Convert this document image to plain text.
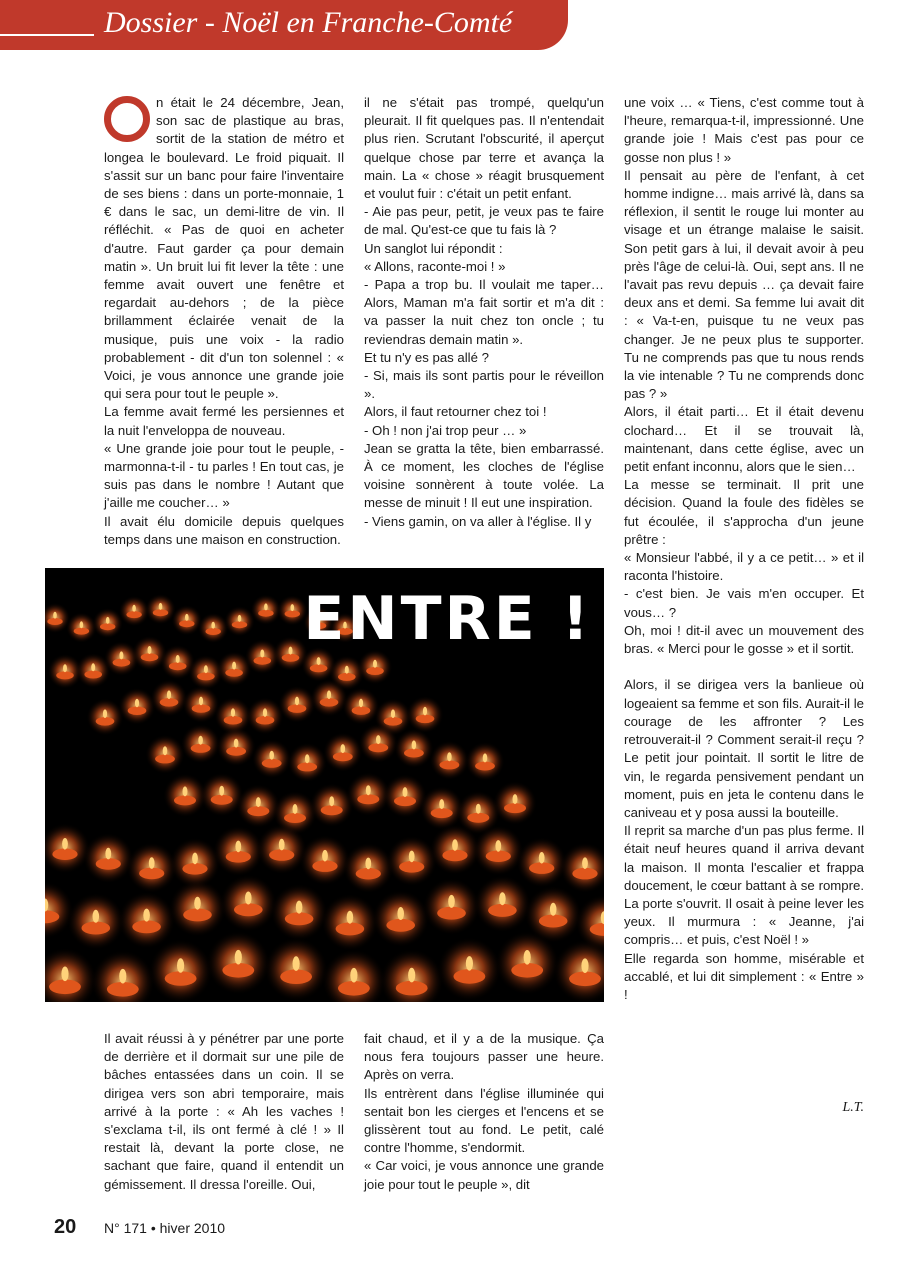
Dossier - Noël en Franche-Comté

n était le 24 décembre, Jean, son sac de plastique au bras, sortit de la station de métro et longea le boulevard. Le froid piquait. Il s'assit sur un banc pour faire l'inventaire de ses biens : dans un porte-monnaie, 1 € dans le sac, un demi-litre de vin. Il réfléchit. « Pas de quoi en acheter d'autre. Faut garder ça pour demain matin ». Un bruit lui fit lever la tête : une femme avait ouvert une fenêtre et regardait au-dehors ; de la pièce brillamment éclairée venait de la musique, puis une voix - la radio probablement - dit d'un ton solennel : « Voici, je vous annonce une grande joie qui sera pour tout le peuple ».

La femme avait fermé les persiennes et la nuit l'enveloppa de nouveau.

« Une grande joie pour tout le peuple, - marmonna-t-il - tu parles ! En tout cas, je suis pas dans le nombre ! Autant que j'aille me coucher… »

Il avait élu domicile depuis quelques temps dans une maison en construction.

il ne s'était pas trompé, quelqu'un pleurait. Il fit quelques pas. Il n'entendait plus rien. Scrutant l'obscurité, il aperçut quelque chose par terre et avança la main. La « chose » réagit brusquement et voulut fuir : c'était un petit enfant.

- Aie pas peur, petit, je veux pas te faire de mal. Qu'est-ce que tu fais là ?

Un sanglot lui répondit :

« Allons, raconte-moi ! »

- Papa a trop bu. Il voulait me taper… Alors, Maman m'a fait sortir et m'a dit : va passer la nuit chez ton oncle ; tu reviendras demain matin ».

Et tu n'y es pas allé ?

- Si, mais ils sont partis pour le réveillon ».

Alors, il faut retourner chez toi !

- Oh ! non j'ai trop peur … »

Jean se gratta la tête, bien embarrassé. À ce moment, les cloches de l'église voisine sonnèrent à toute volée. La messe de minuit ! Il eut une inspiration.

- Viens gamin, on va aller à l'église. Il y

une voix … « Tiens, c'est comme tout à l'heure, remarqua-t-il, impressionné. Une grande joie ! Mais c'est pas pour ce gosse non plus ! »

Il pensait au père de l'enfant, à cet homme indigne… mais arrivé là, dans sa réflexion, il sentit le rouge lui monter au visage et un étrange malaise le saisit. Son petit gars à lui, il devait avoir à peu près l'âge de celui-là. Oui, sept ans. Il ne l'avait pas revu depuis … ça devait faire deux ans et demi. Sa femme lui avait dit : « Va-t-en, puisque tu ne veux pas changer. Je ne peux plus te supporter. Tu ne comprends pas que tu nous rends la vie intenable ? Tu ne comprends donc pas ? »

Alors, il était parti… Et il était devenu clochard… Et il se trouvait là, maintenant, dans cette église, avec un petit enfant inconnu, alors que le sien…

La messe se terminait. Il prit une décision. Quand la foule des fidèles se fut écoulée, il s'approcha d'un jeune prêtre :

« Monsieur l'abbé, il y a ce petit… » et il raconta l'histoire.

- c'est bien. Je vais m'en occuper. Et vous… ?

Oh, moi ! dit-il avec un mouvement des bras. « Merci pour le gosse » et il sortit.

Alors, il se dirigea vers la banlieue où logeaient sa femme et son fils. Aurait-il le courage de les affronter ? Les retrouverait-il ? Comment serait-il reçu ? Le petit jour pointait. Il sortit le litre de vin, le regarda pensivement pendant un moment, puis en jeta le contenu dans le caniveau et y posa aussi la bouteille.

Il reprit sa marche d'un pas plus ferme. Il était neuf heures quand il arriva devant la maison. Il monta l'escalier et frappa doucement, le cœur battant à se rompre. La porte s'ouvrit. Il osait à peine lever les yeux. Il murmura : « Jeanne, j'ai compris… et puis, c'est Noël ! »

Elle regarda son homme, misérable et accablé, et lui dit simplement : « Entre » !

ENTRE !

Il avait réussi à y pénétrer par une porte de derrière et il dormait sur une pile de bâches entassées dans un coin. Il se dirigea vers son abri temporaire, mais arrivé à la porte : « Ah les vaches ! s'exclama t-il, ils ont fermé à clé ! » Il restait là, devant la porte close, ne sachant que faire, quand il entendit un gémissement. Il dressa l'oreille. Oui,

fait chaud, et il y a de la musique. Ça nous fera toujours passer une heure. Après on verra.

Ils entrèrent dans l'église illuminée qui sentait bon les cierges et l'encens et se glissèrent tout au fond. Le petit, calé contre l'homme, s'endormit.

« Car voici, je vous annonce une grande joie pour tout le peuple », dit

L.T.
20 N° 171 • hiver 2010
